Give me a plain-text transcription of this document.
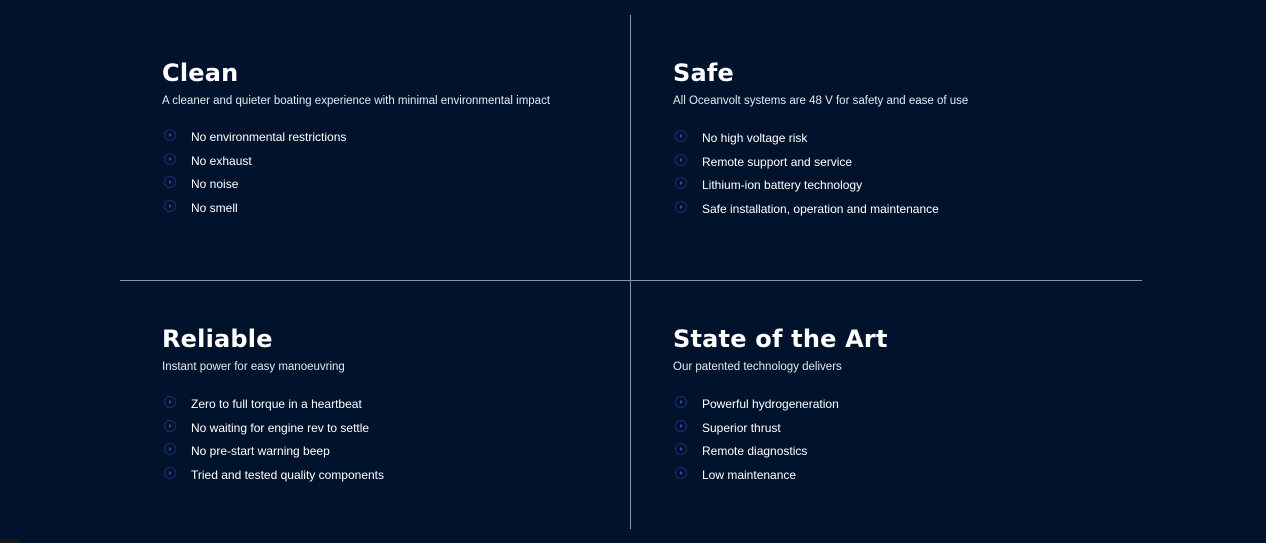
Clean

A cleaner and quieter boating experience with minimal environmental impact

No environmental restrictions
No exhaust
No noise
No smell
Safe

All Oceanvolt systems are 48 V for safety and ease of use

No high voltage risk
Remote support and service
Lithium-ion battery technology
Safe installation, operation and maintenance
Reliable

Instant power for easy manoeuvring

Zero to full torque in a heartbeat
No waiting for engine rev to settle
No pre-start warning beep
Tried and tested quality components
State of the Art

Our patented technology delivers

Powerful hydrogeneration
Superior thrust
Remote diagnostics
Low maintenance
